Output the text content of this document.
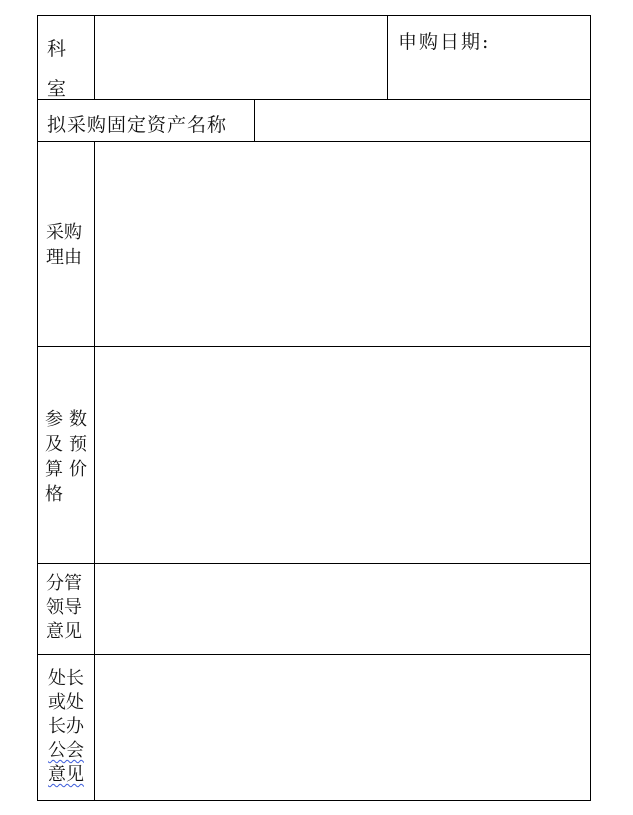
科
室
申购日期:
拟采购固定资产名称
采购
理由
参
及
算
格
数
预
价
分管
领导
意见
处长
或处
长办
公会
意见
